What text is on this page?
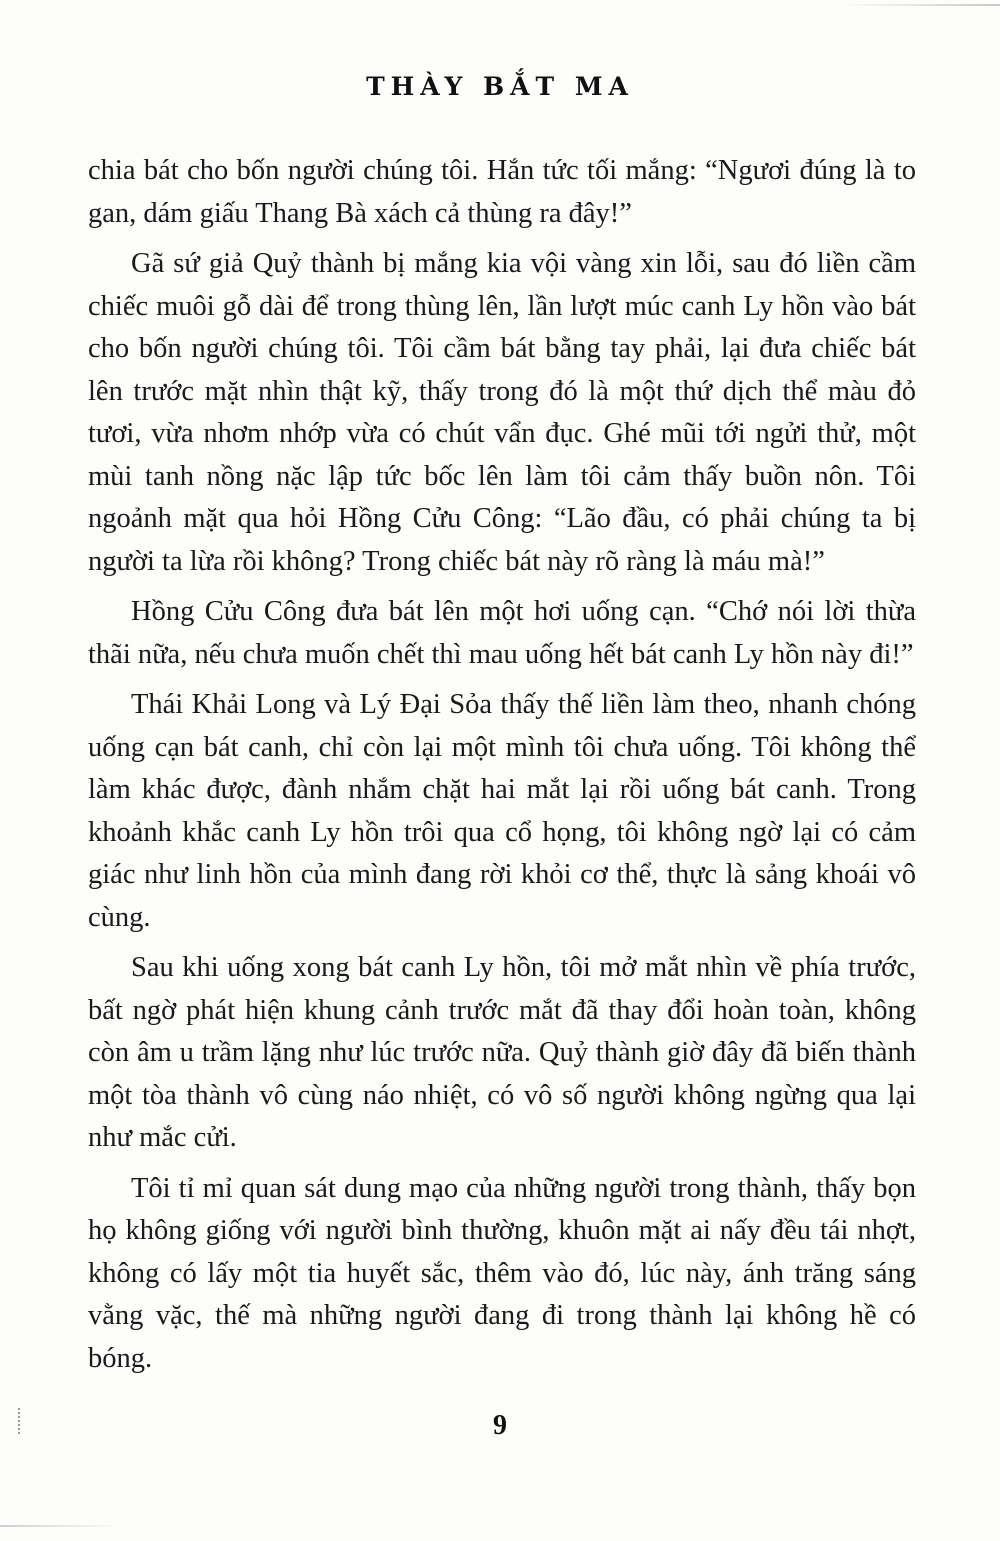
THÀY BẮT MA

chia bát cho bốn người chúng tôi. Hắn tức tối mắng: “Ngươi đúng là to gan, dám giấu Thang Bà xách cả thùng ra đây!”

Gã sứ giả Quỷ thành bị mắng kia vội vàng xin lỗi, sau đó liền cầm chiếc muôi gỗ dài để trong thùng lên, lần lượt múc canh Ly hồn vào bát cho bốn người chúng tôi. Tôi cầm bát bằng tay phải, lại đưa chiếc bát lên trước mặt nhìn thật kỹ, thấy trong đó là một thứ dịch thể màu đỏ tươi, vừa nhơm nhớp vừa có chút vẩn đục. Ghé mũi tới ngửi thử, một mùi tanh nồng nặc lập tức bốc lên làm tôi cảm thấy buồn nôn. Tôi ngoảnh mặt qua hỏi Hồng Cửu Công: “Lão đầu, có phải chúng ta bị người ta lừa rồi không? Trong chiếc bát này rõ ràng là máu mà!”

Hồng Cửu Công đưa bát lên một hơi uống cạn. “Chớ nói lời thừa thãi nữa, nếu chưa muốn chết thì mau uống hết bát canh Ly hồn này đi!”

Thái Khải Long và Lý Đại Sỏa thấy thế liền làm theo, nhanh chóng uống cạn bát canh, chỉ còn lại một mình tôi chưa uống. Tôi không thể làm khác được, đành nhắm chặt hai mắt lại rồi uống bát canh. Trong khoảnh khắc canh Ly hồn trôi qua cổ họng, tôi không ngờ lại có cảm giác như linh hồn của mình đang rời khỏi cơ thể, thực là sảng khoái vô cùng.

Sau khi uống xong bát canh Ly hồn, tôi mở mắt nhìn về phía trước, bất ngờ phát hiện khung cảnh trước mắt đã thay đổi hoàn toàn, không còn âm u trầm lặng như lúc trước nữa. Quỷ thành giờ đây đã biến thành một tòa thành vô cùng náo nhiệt, có vô số người không ngừng qua lại như mắc cửi.

Tôi tỉ mỉ quan sát dung mạo của những người trong thành, thấy bọn họ không giống với người bình thường, khuôn mặt ai nấy đều tái nhợt, không có lấy một tia huyết sắc, thêm vào đó, lúc này, ánh trăng sáng vằng vặc, thế mà những người đang đi trong thành lại không hề có bóng.

9
